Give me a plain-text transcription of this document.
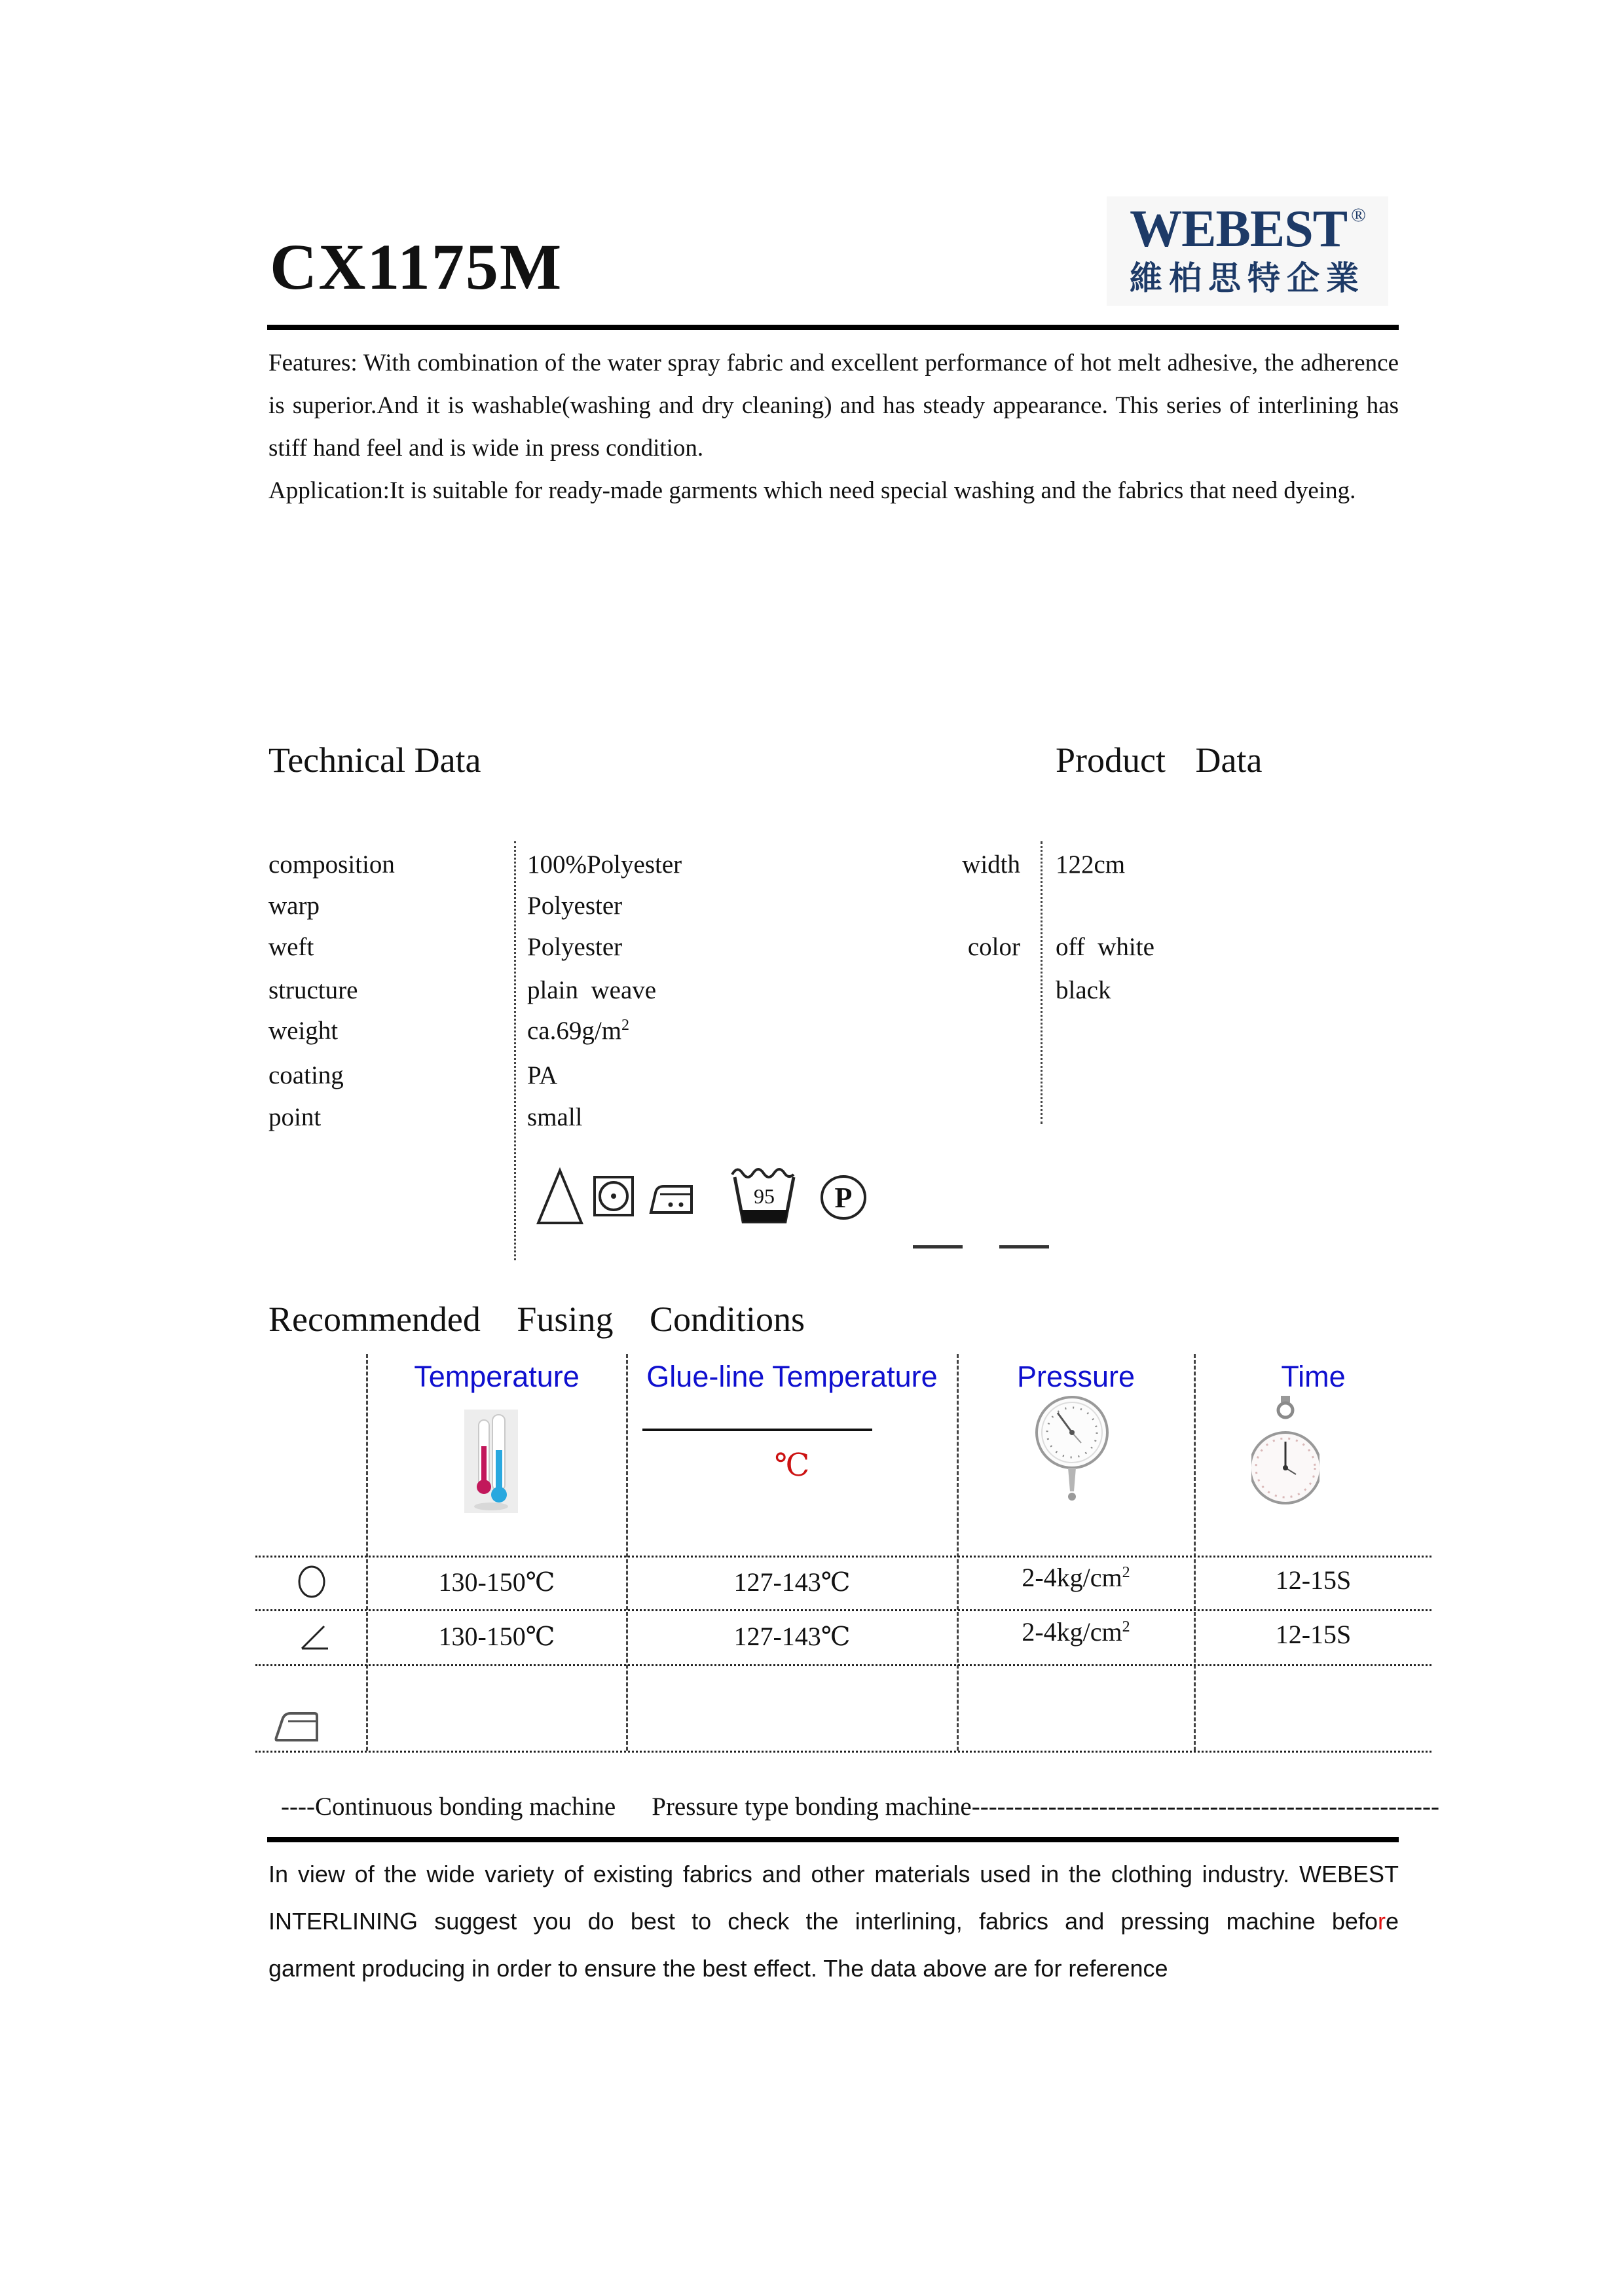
CX1175M
WEBEST ®
維柏思特企業

Features: With combination of the water spray fabric and excellent performance of hot melt adhesive, the adherence is superior.And it is washable(washing and dry cleaning) and has steady appearance. This series of interlining has stiff hand feel and is wide in press condition.

Application:It is suitable for ready-made garments which need special washing and the fabrics that need dyeing.

Technical Data	Product Data
composition	100%Polyester
warp	Polyester
weft	Polyester
structure	plain  weave
weight	$ca.69g/m^2$
coating	PA
point	small
width 122cm
color off  white
black
95 P
Recommended Fusing Conditions
Temperature	Glue-line Temperature	Pressure	Time
℃
130-150℃	127-143℃	$2-4kg/cm^2$	12-15S
130-150℃	127-143℃	$2-4kg/cm^2$	12-15S

----Continuous bonding machine Pressure type bonding machine-------------------------------------------------------

In view of the wide variety of existing fabrics and other materials used in the clothing industry. WEBEST
INTERLINING suggest you do best to check the interlining, fabrics and pressing machine before
garment producing in order to ensure the best effect. The data above are for reference
